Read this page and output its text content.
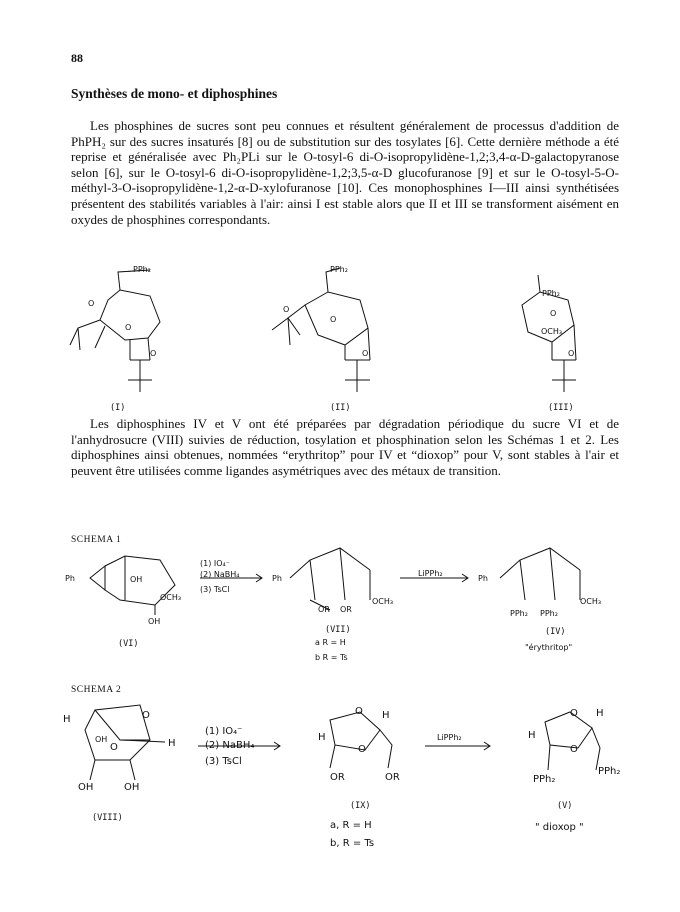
88
Synthèses de mono- et diphosphines

Les phosphines de sucres sont peu connues et résultent généralement de processus d'addition de PhPH₂ sur des sucres insaturés [8] ou de substitution sur des tosylates [6]. Cette dernière méthode a été reprise et généralisée avec Ph₂PLi sur le O-tosyl-6 di-O-isopropylidène-1,2;3,4-α-D-galactopyranose selon [6], sur le O-tosyl-6 di-O-isopropylidène-1,2;3,5-α-D glucofuranose [9] et sur le O-tosyl-5-O-méthyl-3-O-isopropylidène-1,2-α-D-xylofuranose [10]. Ces monophosphines I—III ainsi synthétisées présentent des stabilités variables à l'air: ainsi I est stable alors que II et III se transforment aisément en oxydes de phosphines correspondants.

PPh₂
O
O
O
(I)
PPh₂
O
O
O
(II)
PPh₂
O
OCH₃
O
(III)
SCHEMA 1
Ph	OH
OCH₃
OH
(VI)
(1) IO₄⁻
(2) NaBH₄
(3) TsCl
Ph
OR OR
OCH₃
(VII)
a R = H
b R = Ts
LiPPh₂
Ph
PPh₂ PPh₂
OCH₃
(IV)
"érythritop"
SCHEMA 2
H	O
OH
O	H
OH	OH
(VIII)
(1) IO₄⁻
(2) NaBH₄
(3) TsCl
H
O H
O
OR	OR
(IX)
a, R = H
b, R = Ts
LiPPh₂	H
O H
O
PPh₂
PPh₂
(V)
" dioxop "

Les diphosphines IV et V ont été préparées par dégradation périodique du sucre VI et de l'anhydrosucre (VIII) suivies de réduction, tosylation et phosphination selon les Schémas 1 et 2. Les diphosphines ainsi obtenues, nommées “erythritop” pour IV et “dioxop” pour V, sont stables à l'air et peuvent être utilisées comme ligandes asymétriques avec des métaux de transition.
